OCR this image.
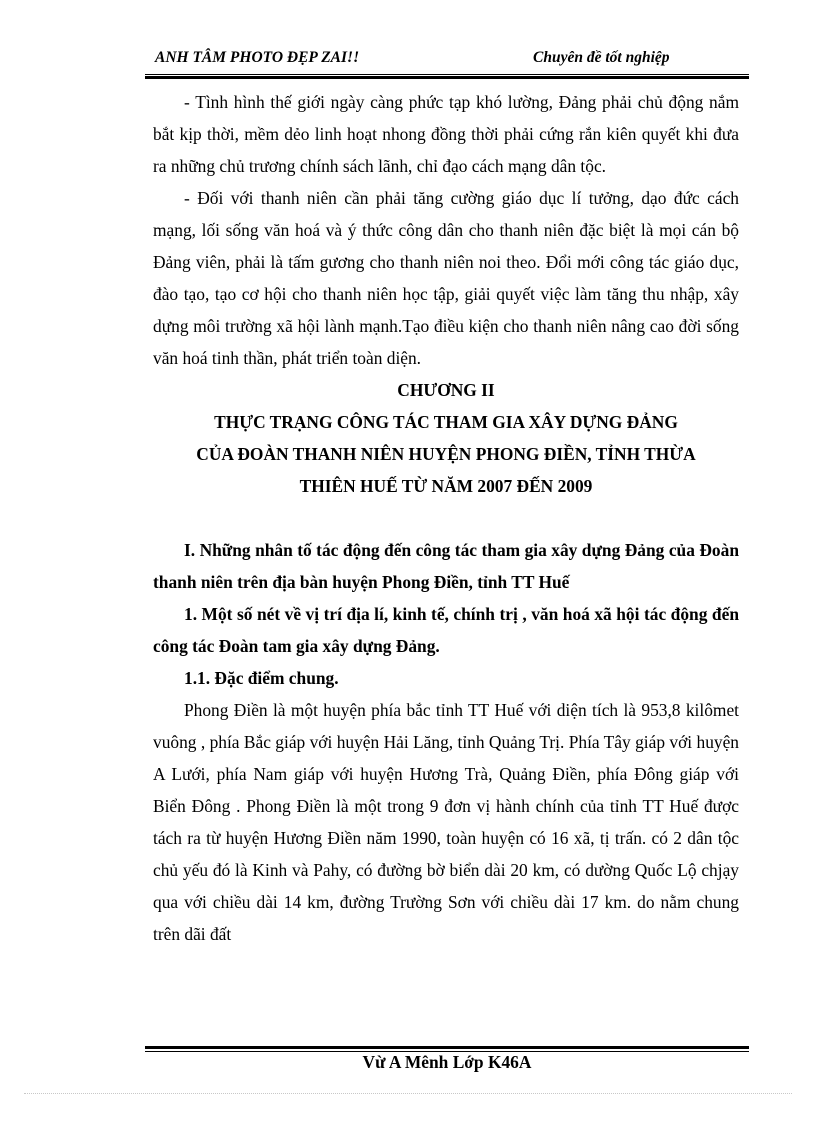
ANH TÂM PHOTO ĐẸP ZAI!!	Chuyên đề tốt nghiệp

- Tình hình thế giới ngày càng phức tạp khó lường, Đảng phải chủ động nắm bắt kịp thời, mềm dẻo linh hoạt nhong đồng thời phải cứng rắn kiên quyết khi đưa ra những chủ trương chính sách lãnh, chỉ đạo cách mạng dân tộc.

- Đối với thanh niên cần phải tăng cường giáo dục lí tưởng, dạo đức cách mạng, lối sống văn hoá và ý thức công dân cho thanh niên đặc biệt là mọi cán bộ Đảng viên, phải là tấm gương cho thanh niên noi theo. Đổi mới công tác giáo dục, đào tạo, tạo cơ hội cho thanh niên học tập, giải quyết việc làm tăng thu nhập, xây dựng môi trường xã hội lành mạnh.Tạo điều kiện cho thanh niên nâng cao đời sống văn hoá tinh thần, phát triển toàn diện.

CHƯƠNG II

THỰC TRẠNG CÔNG TÁC THAM GIA XÂY DỰNG ĐẢNG

CỦA ĐOÀN THANH NIÊN HUYỆN PHONG ĐIỀN, TỈNH THỪA

THIÊN HUẾ TỪ NĂM 2007 ĐẾN 2009

I. Những nhân tố tác động đến công tác tham gia xây dựng Đảng của Đoàn thanh niên trên địa bàn huyện Phong Điền, tỉnh TT Huế

1. Một số nét về vị trí địa lí, kinh tế, chính trị , văn hoá xã hội tác động đến công tác Đoàn tam gia xây dựng Đảng.

1.1. Đặc điểm chung.

Phong Điền là một huyện phía bắc tỉnh TT Huế với diện tích là 953,8 kilômet vuông , phía Bắc giáp với huyện Hải Lăng, tỉnh Quảng Trị. Phía Tây giáp với huyện A Lưới, phía Nam giáp với huyện Hương Trà, Quảng Điền, phía Đông giáp với Biển Đông . Phong Điền là một trong 9 đơn vị hành chính của tỉnh TT Huế được tách ra từ huyện Hương Điền năm 1990, toàn huyện có 16 xã, tị trấn. có 2 dân tộc chủ yếu đó là Kinh và Pahy, có đường bờ biển dài 20 km, có dường Quốc Lộ chjạy qua với chiều dài 14 km, đường Trường Sơn với chiều dài 17 km. do nằm chung trên dãi đất

Vừ A Mênh Lớp K46A
